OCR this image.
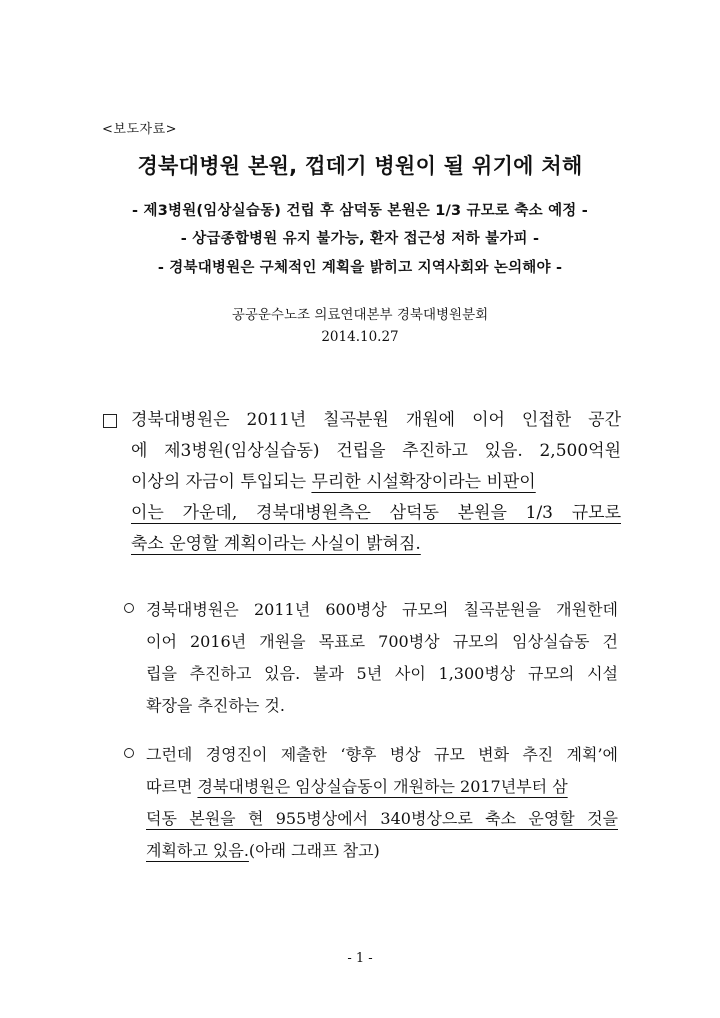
<보도자료>
경북대병원 본원, 껍데기 병원이 될 위기에 처해
- 제3병원(임상실습동) 건립 후 삼덕동 본원은 1/3 규모로 축소 예정 -
- 상급종합병원 유지 불가능, 환자 접근성 저하 불가피 -
- 경북대병원은 구체적인 계획을 밝히고 지역사회와 논의해야 -
공공운수노조 의료연대본부 경북대병원분회
2014.10.27
경북대병원은 2011년 칠곡분원 개원에 이어 인접한 공간
에 제3병원(임상실습동) 건립을 추진하고 있음. 2,500억원
이상의 자금이 투입되는 무리한 시설확장이라는 비판이
이는 가운데, 경북대병원측은 삼덕동 본원을 1/3 규모로
축소 운영할 계획이라는 사실이 밝혀짐.
경북대병원은 2011년 600병상 규모의 칠곡분원을 개원한데
이어 2016년 개원을 목표로 700병상 규모의 임상실습동 건
립을 추진하고 있음. 불과 5년 사이 1,300병상 규모의 시설
확장을 추진하는 것.
그런데 경영진이 제출한 ‘향후 병상 규모 변화 추진 계획’에
따르면 경북대병원은 임상실습동이 개원하는 2017년부터 삼
덕동 본원을 현 955병상에서 340병상으로 축소 운영할 것을
계획하고 있음.(아래 그래프 참고)
- 1 -
